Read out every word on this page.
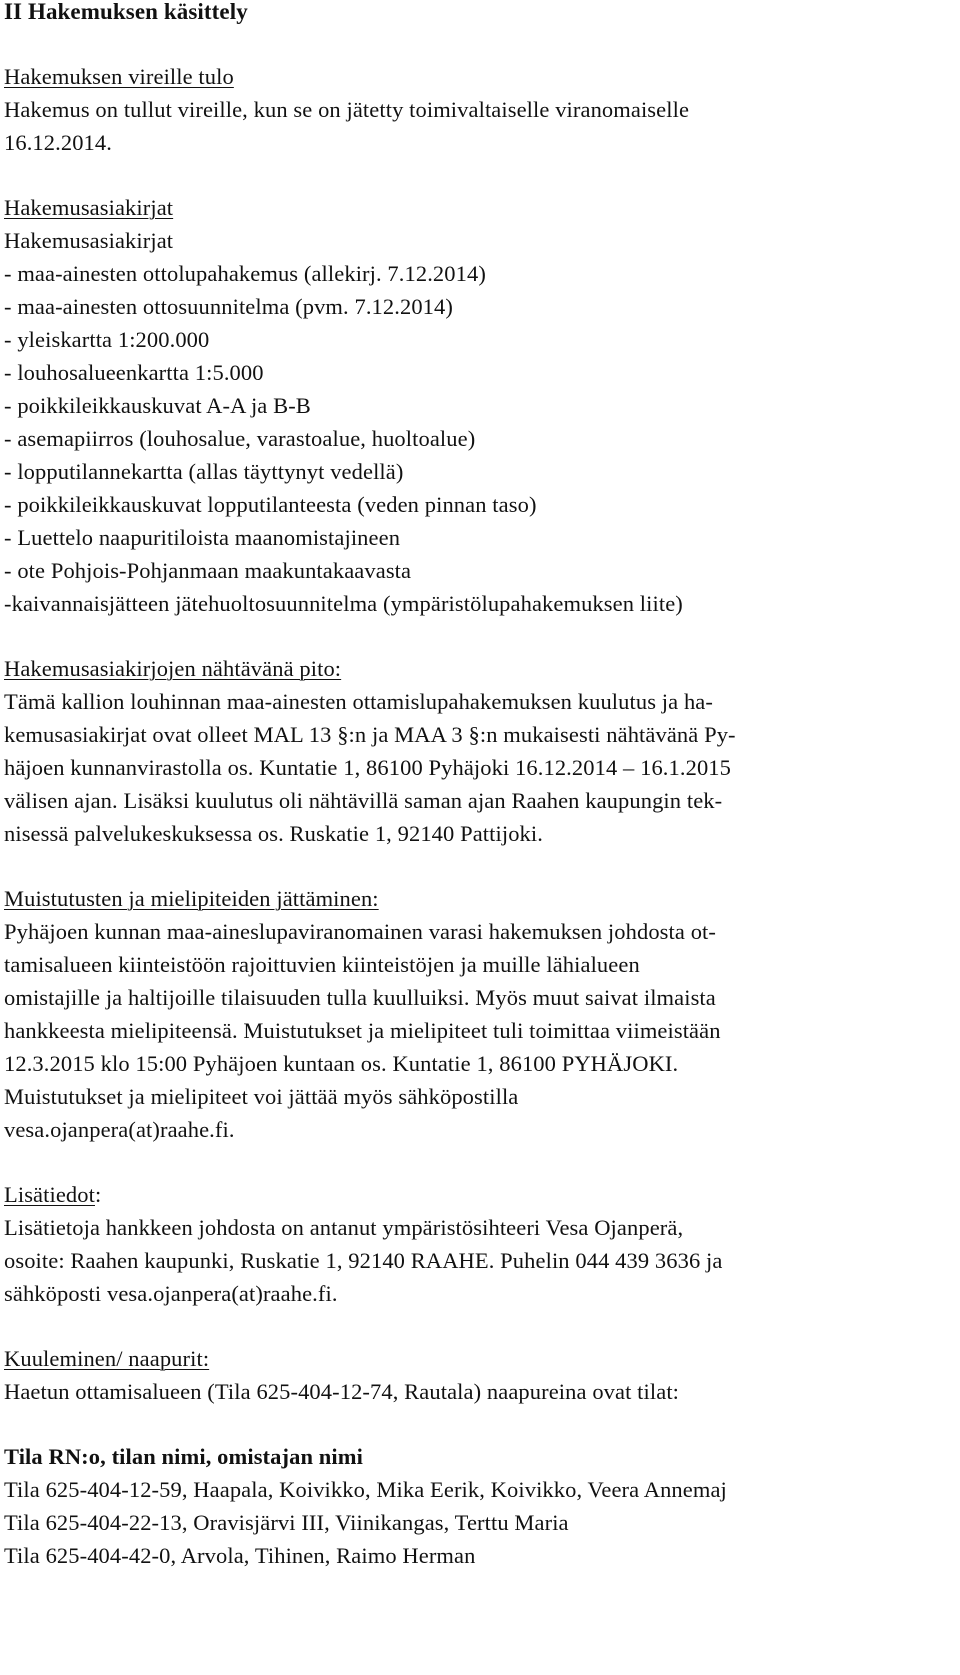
II Hakemuksen käsittely
Hakemuksen vireille tulo
Hakemus on tullut vireille, kun se on jätetty toimivaltaiselle viranomaiselle
16.12.2014.
Hakemusasiakirjat
Hakemusasiakirjat
- maa-ainesten ottolupahakemus (allekirj. 7.12.2014)
- maa-ainesten ottosuunnitelma (pvm. 7.12.2014)
- yleiskartta 1:200.000
- louhosalueenkartta 1:5.000
- poikkileikkauskuvat A-A ja B-B
- asemapiirros (louhosalue, varastoalue, huoltoalue)
- lopputilannekartta (allas täyttynyt vedellä)
- poikkileikkauskuvat lopputilanteesta (veden pinnan taso)
- Luettelo naapuritiloista maanomistajineen
- ote Pohjois-Pohjanmaan maakuntakaavasta
-kaivannaisjätteen jätehuoltosuunnitelma (ympäristölupahakemuksen liite)
Hakemusasiakirjojen nähtävänä pito:
Tämä kallion louhinnan maa-ainesten ottamislupahakemuksen kuulutus ja ha-
kemusasiakirjat ovat olleet MAL 13 §:n ja MAA 3 §:n mukaisesti nähtävänä Py-
häjoen kunnanvirastolla os. Kuntatie 1, 86100 Pyhäjoki 16.12.2014 – 16.1.2015
välisen ajan. Lisäksi kuulutus oli nähtävillä saman ajan Raahen kaupungin tek-
nisessä palvelukeskuksessa os. Ruskatie 1, 92140 Pattijoki.
Muistutusten ja mielipiteiden jättäminen:
Pyhäjoen kunnan maa-aineslupaviranomainen varasi hakemuksen johdosta ot-
tamisalueen kiinteistöön rajoittuvien kiinteistöjen ja muille lähialueen
omistajille ja haltijoille tilaisuuden tulla kuulluiksi. Myös muut saivat ilmaista
hankkeesta mielipiteensä. Muistutukset ja mielipiteet tuli toimittaa viimeistään
12.3.2015 klo 15:00 Pyhäjoen kuntaan os. Kuntatie 1, 86100 PYHÄJOKI.
Muistutukset ja mielipiteet voi jättää myös sähköpostilla
vesa.ojanpera(at)raahe.fi.
Lisätiedot:
Lisätietoja hankkeen johdosta on antanut ympäristösihteeri Vesa Ojanperä,
osoite: Raahen kaupunki, Ruskatie 1, 92140 RAAHE. Puhelin 044 439 3636 ja
sähköposti vesa.ojanpera(at)raahe.fi.
Kuuleminen/ naapurit:
Haetun ottamisalueen (Tila 625-404-12-74, Rautala) naapureina ovat tilat:
Tila RN:o, tilan nimi, omistajan nimi
Tila 625-404-12-59, Haapala, Koivikko, Mika Eerik, Koivikko, Veera Annemaj
Tila 625-404-22-13, Oravisjärvi III, Viinikangas, Terttu Maria
Tila 625-404-42-0, Arvola, Tihinen, Raimo Herman
